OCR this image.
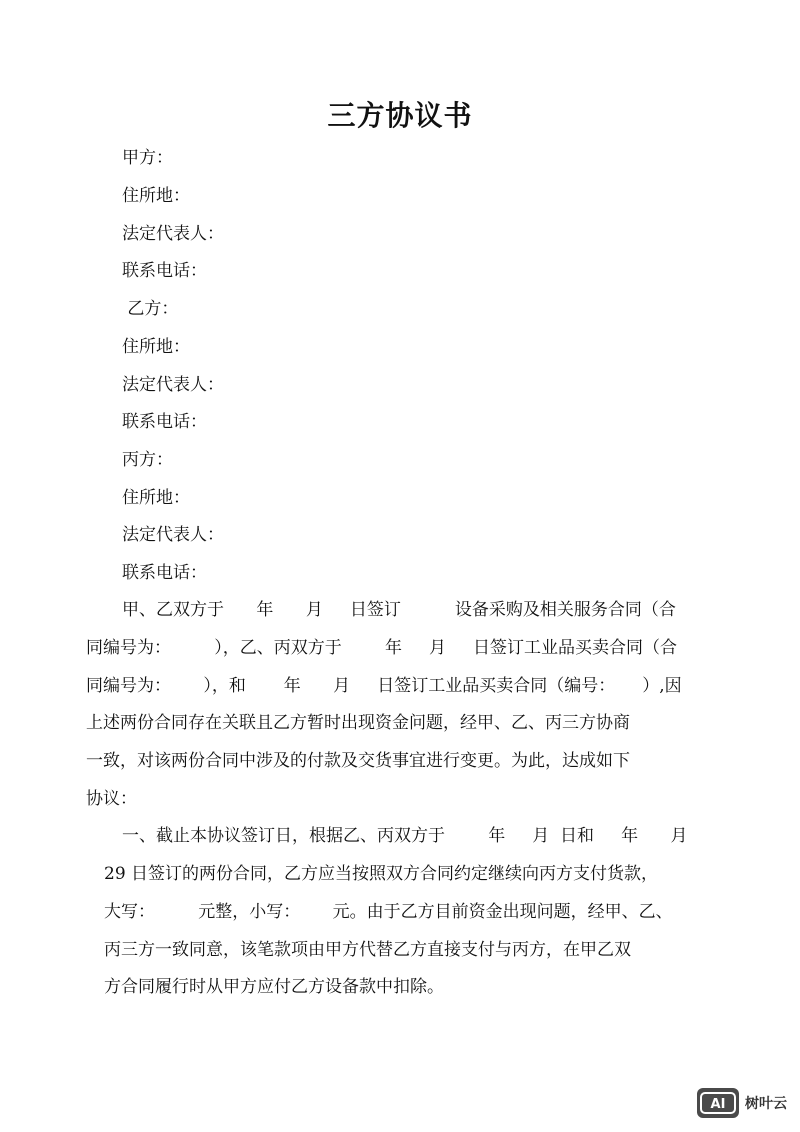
三方协议书
甲方：
住所地：
法定代表人：
联系电话：
乙方：
住所地：
法定代表人：
联系电话：
丙方：
住所地：
法定代表人：
联系电话：
甲、乙双方于      年      月     日签订          设备采购及相关服务合同（合
同编号为：        ），乙、丙双方于        年     月     日签订工业品买卖合同（合
同编号为：      ），和       年      月     日签订工业品买卖合同（编号：     ）,因
上述两份合同存在关联且乙方暂时出现资金问题，经甲、乙、丙三方协商
一致，对该两份合同中涉及的付款及交货事宜进行变更。为此，达成如下
协议：
一、截止本协议签订日，根据乙、丙双方于        年     月  日和     年      月
29 日签订的两份合同，乙方应当按照双方合同约定继续向丙方支付货款，
大写：        元整，小写：      元。由于乙方目前资金出现问题，经甲、乙、
丙三方一致同意，该笔款项由甲方代替乙方直接支付与丙方，在甲乙双
方合同履行时从甲方应付乙方设备款中扣除。
AI 树叶云
